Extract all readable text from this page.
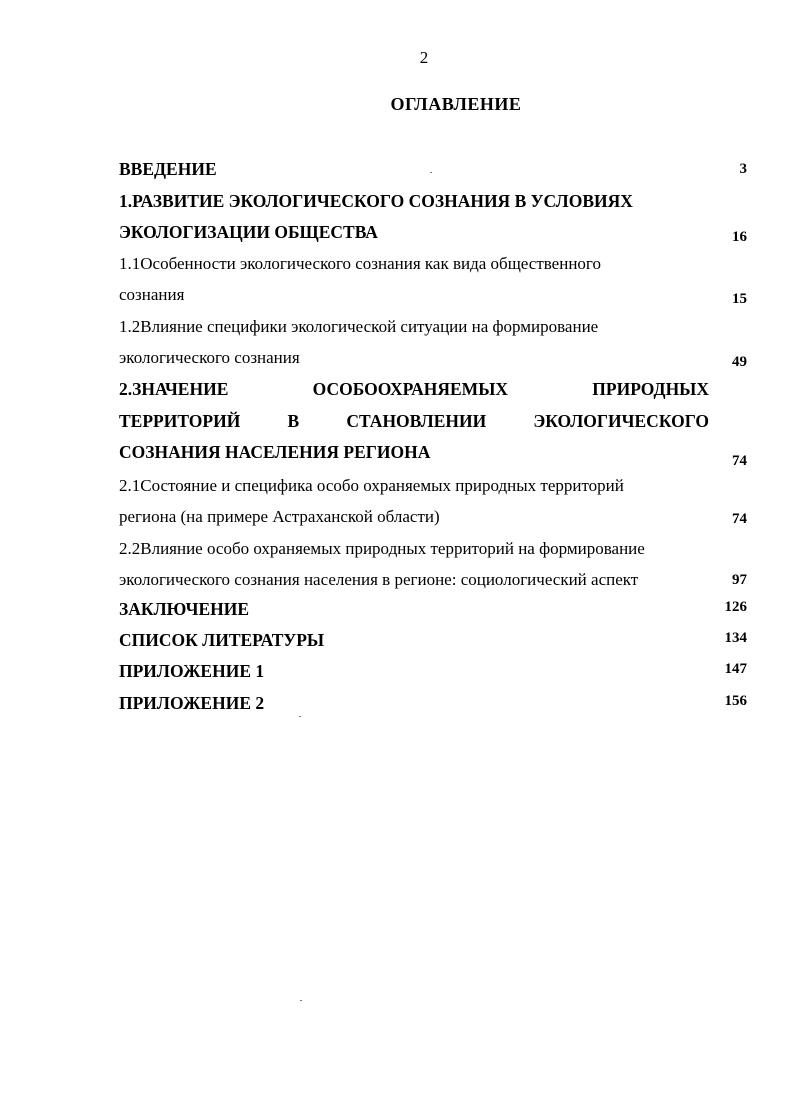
2
ОГЛАВЛЕНИЕ
ВВЕДЕНИЕ	3
1.РАЗВИТИЕ ЭКОЛОГИЧЕСКОГО СОЗНАНИЯ В УСЛОВИЯХ
ЭКОЛОГИЗАЦИИ ОБЩЕСТВА	16
1.1Особенности экологического сознания как вида общественного
сознания	15
1.2Влияние специфики экологической ситуации на формирование
экологического сознания	49
2.ЗНАЧЕНИЕ ОСОБООХРАНЯЕМЫХ ПРИРОДНЫХ
ТЕРРИТОРИЙ В СТАНОВЛЕНИИ ЭКОЛОГИЧЕСКОГО
СОЗНАНИЯ НАСЕЛЕНИЯ РЕГИОНА	74
2.1Состояние и специфика особо охраняемых природных территорий
региона (на примере Астраханской области)	74
2.2Влияние особо охраняемых природных территорий на формирование
экологического сознания населения в регионе: социологический аспект	97
ЗАКЛЮЧЕНИЕ	126
СПИСОК ЛИТЕРАТУРЫ	134
ПРИЛОЖЕНИЕ 1	147
ПРИЛОЖЕНИЕ 2	156
